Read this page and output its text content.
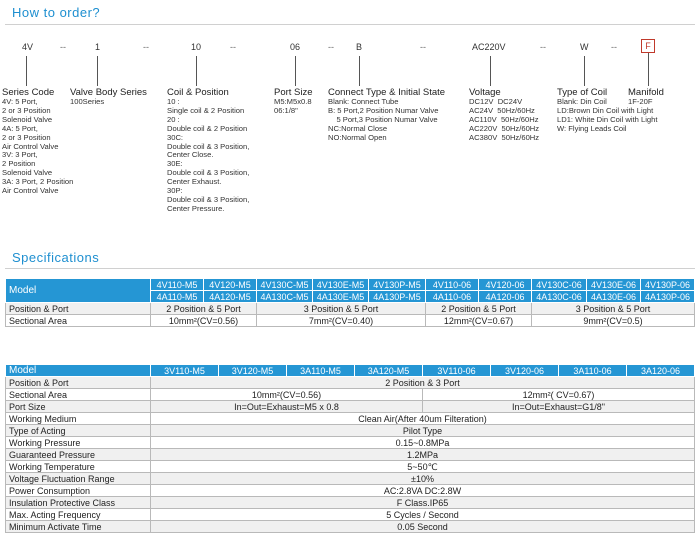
How to order?
4V	--	1	--	10	--	06	-- B	--	AC220V	--	W	--	F
Series Code
4V: 5 Port,
2 or 3 Position
Solenoid Valve
4A: 5 Port,
2 or 3 Position
Air Control Valve
3V: 3 Port,
2 Position
Solenoid Valve
3A: 3 Port, 2 Position
Air Control Valve
Valve Body Series
100Series
Coil & Position
10 :
Single coil & 2 Position
20 :
Double coil & 2 Position
30C:
Double coil & 3 Position,
Center Close.
30E:
Double coil & 3 Position,
Center Exhaust.
30P:
Double coil & 3 Position,
Center Pressure.
Port Size
M5:M5x0.8
06:1/8"
Connect Type & Initial State
Blank: Connect Tube
B: 5 Port,2 Position Numar Valve
5 Port,3 Position Numar Valve
NC:Normal Close
NO:Normal Open
Voltage
DC12V  DC24V
AC24V  50Hz/60Hz
AC110V  50Hz/60Hz
AC220V  50Hz/60Hz
AC380V  50Hz/60Hz
Type of Coil
Blank: Din Coil
LD:Brown Din Coil with Light
LD1: White Din Coil with Light
W: Flying Leads Coil
Manifold
1F-20F
Specifications
Model	4V110-M5	4V120-M5	4V130C-M5	4V130E-M5	4V130P-M5	4V110-06	4V120-06	4V130C-06	4V130E-06	4V130P-06
	4A110-M5	4A120-M5	4A130C-M5	4A130E-M5	4A130P-M5	4A110-06	4A120-06	4A130C-06	4A130E-06	4A130P-06
Position & Port	2 Position & 5 Port		3 Position & 5 Port			2 Position & 5 Port		3 Position & 5 Port		
Sectional Area	10mm²(CV=0.56)		7mm²(CV=0.40)			12mm²(CV=0.67)		9mm²(CV=0.5)		
Model	3V110-M5	3V120-M5	3A110-M5	3A120-M5	3V110-06	3V120-06	3A110-06	3A120-06
Position & Port	2 Position & 3 Port							
Sectional Area	10mm²(CV=0.56)				12mm²( CV=0.67)			
Port Size	In=Out=Exhaust=M5 x 0.8				In=Out=Exhaust=G1/8"			
Working Medium	Clean Air(After 40um Filteration)							
Type of Acting	Pilot Type							
Working Pressure	0.15~0.8MPa							
Guaranteed Pressure	1.2MPa							
Working Temperature	5~50℃							
Voltage Fluctuation Range	±10%							
Power Consumption	AC:2.8VA DC:2.8W							
Insulation Protective Class	F Class.IP65							
Max. Acting Frequency	5 Cycles / Second							
Minimum Activate Time	0.05 Second							
